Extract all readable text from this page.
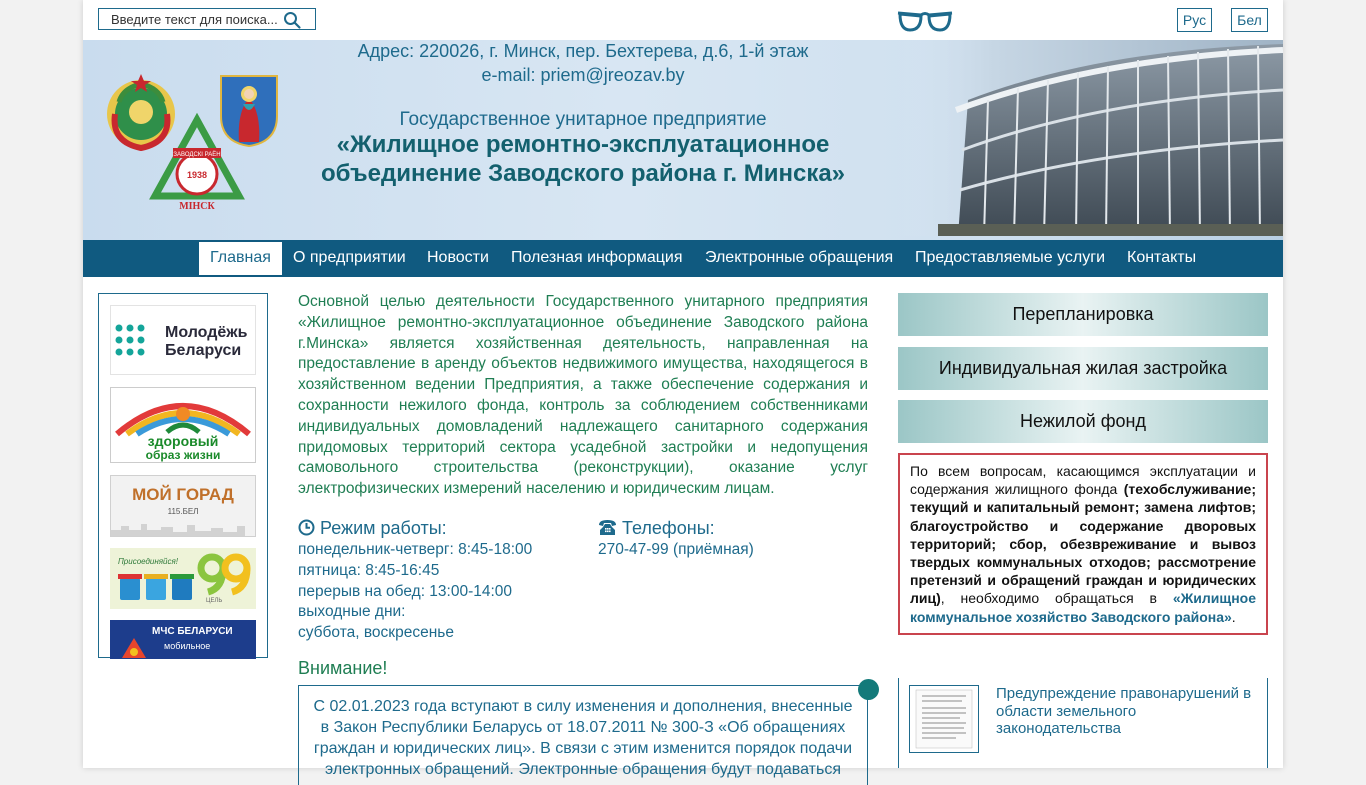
Введите текст для поиска...
Рус	Бел
1938
ЗАВОДСКІ РАЁН
МІНСК
Адрес: 220026, г. Минск, пер. Бехтерева, д.6, 1-й этаж
e-mail: priem@jreozav.by
Государственное унитарное предприятие
«Жилищное ремонтно-эксплуатационное
объединение Заводского района г. Минска»
Главная	О предприятии Новости Полезная информация Электронные обращения Предоставляемые услуги Контакты
Молодёжь
Беларуси
здоровый
образ жизни
МОЙ ГОРАД
115.БЕЛ
Присоединяйся!
ЦЕЛЬ
МЧС БЕЛАРУСИ
мобильное
Основной целью деятельности Государственного унитарного предприятия «Жилищное ремонтно-эксплуатационное объединение Заводского района г.Минска» является хозяйственная деятельность, направленная на предоставление в аренду объектов недвижимого имущества, находящегося в хозяйственном ведении Предприятия, а также обеспечение содержания и сохранности нежилого фонда, контроль за соблюдением собственниками индивидуальных домовладений надлежащего санитарного содержания придомовых территорий сектора усадебной застройки и недопущения самовольного строительства (реконструкции), оказание услуг электрофизических измерений населению и юридическим лицам.
Режим работы:
понедельник-четверг: 8:45-18:00
пятница: 8:45-16:45
перерыв на обед: 13:00-14:00
выходные дни:
суббота, воскресенье
Телефоны:
270-47-99 (приёмная)
Внимание!
С 02.01.2023 года вступают в силу изменения и дополнения, внесенные в Закон Республики Беларусь от 18.07.2011 № 300-З «Об обращениях граждан и юридических лиц». В связи с этим изменится порядок подачи электронных обращений. Электронные обращения будут подаваться
Перепланировка
Индивидуальная жилая застройка
Нежилой фонд
По всем вопросам, касающимся эксплуатации и содержания жилищного фонда (техобслуживание; текущий и капитальный ремонт; замена лифтов; благоустройство и содержание дворовых территорий; сбор, обезвреживание и вывоз твердых коммунальных отходов; рассмотрение претензий и обращений граждан и юридических лиц), необходимо обращаться в «Жилищное коммунальное хозяйство Заводского района».
Предупреждение правонарушений в области земельного законодательства
